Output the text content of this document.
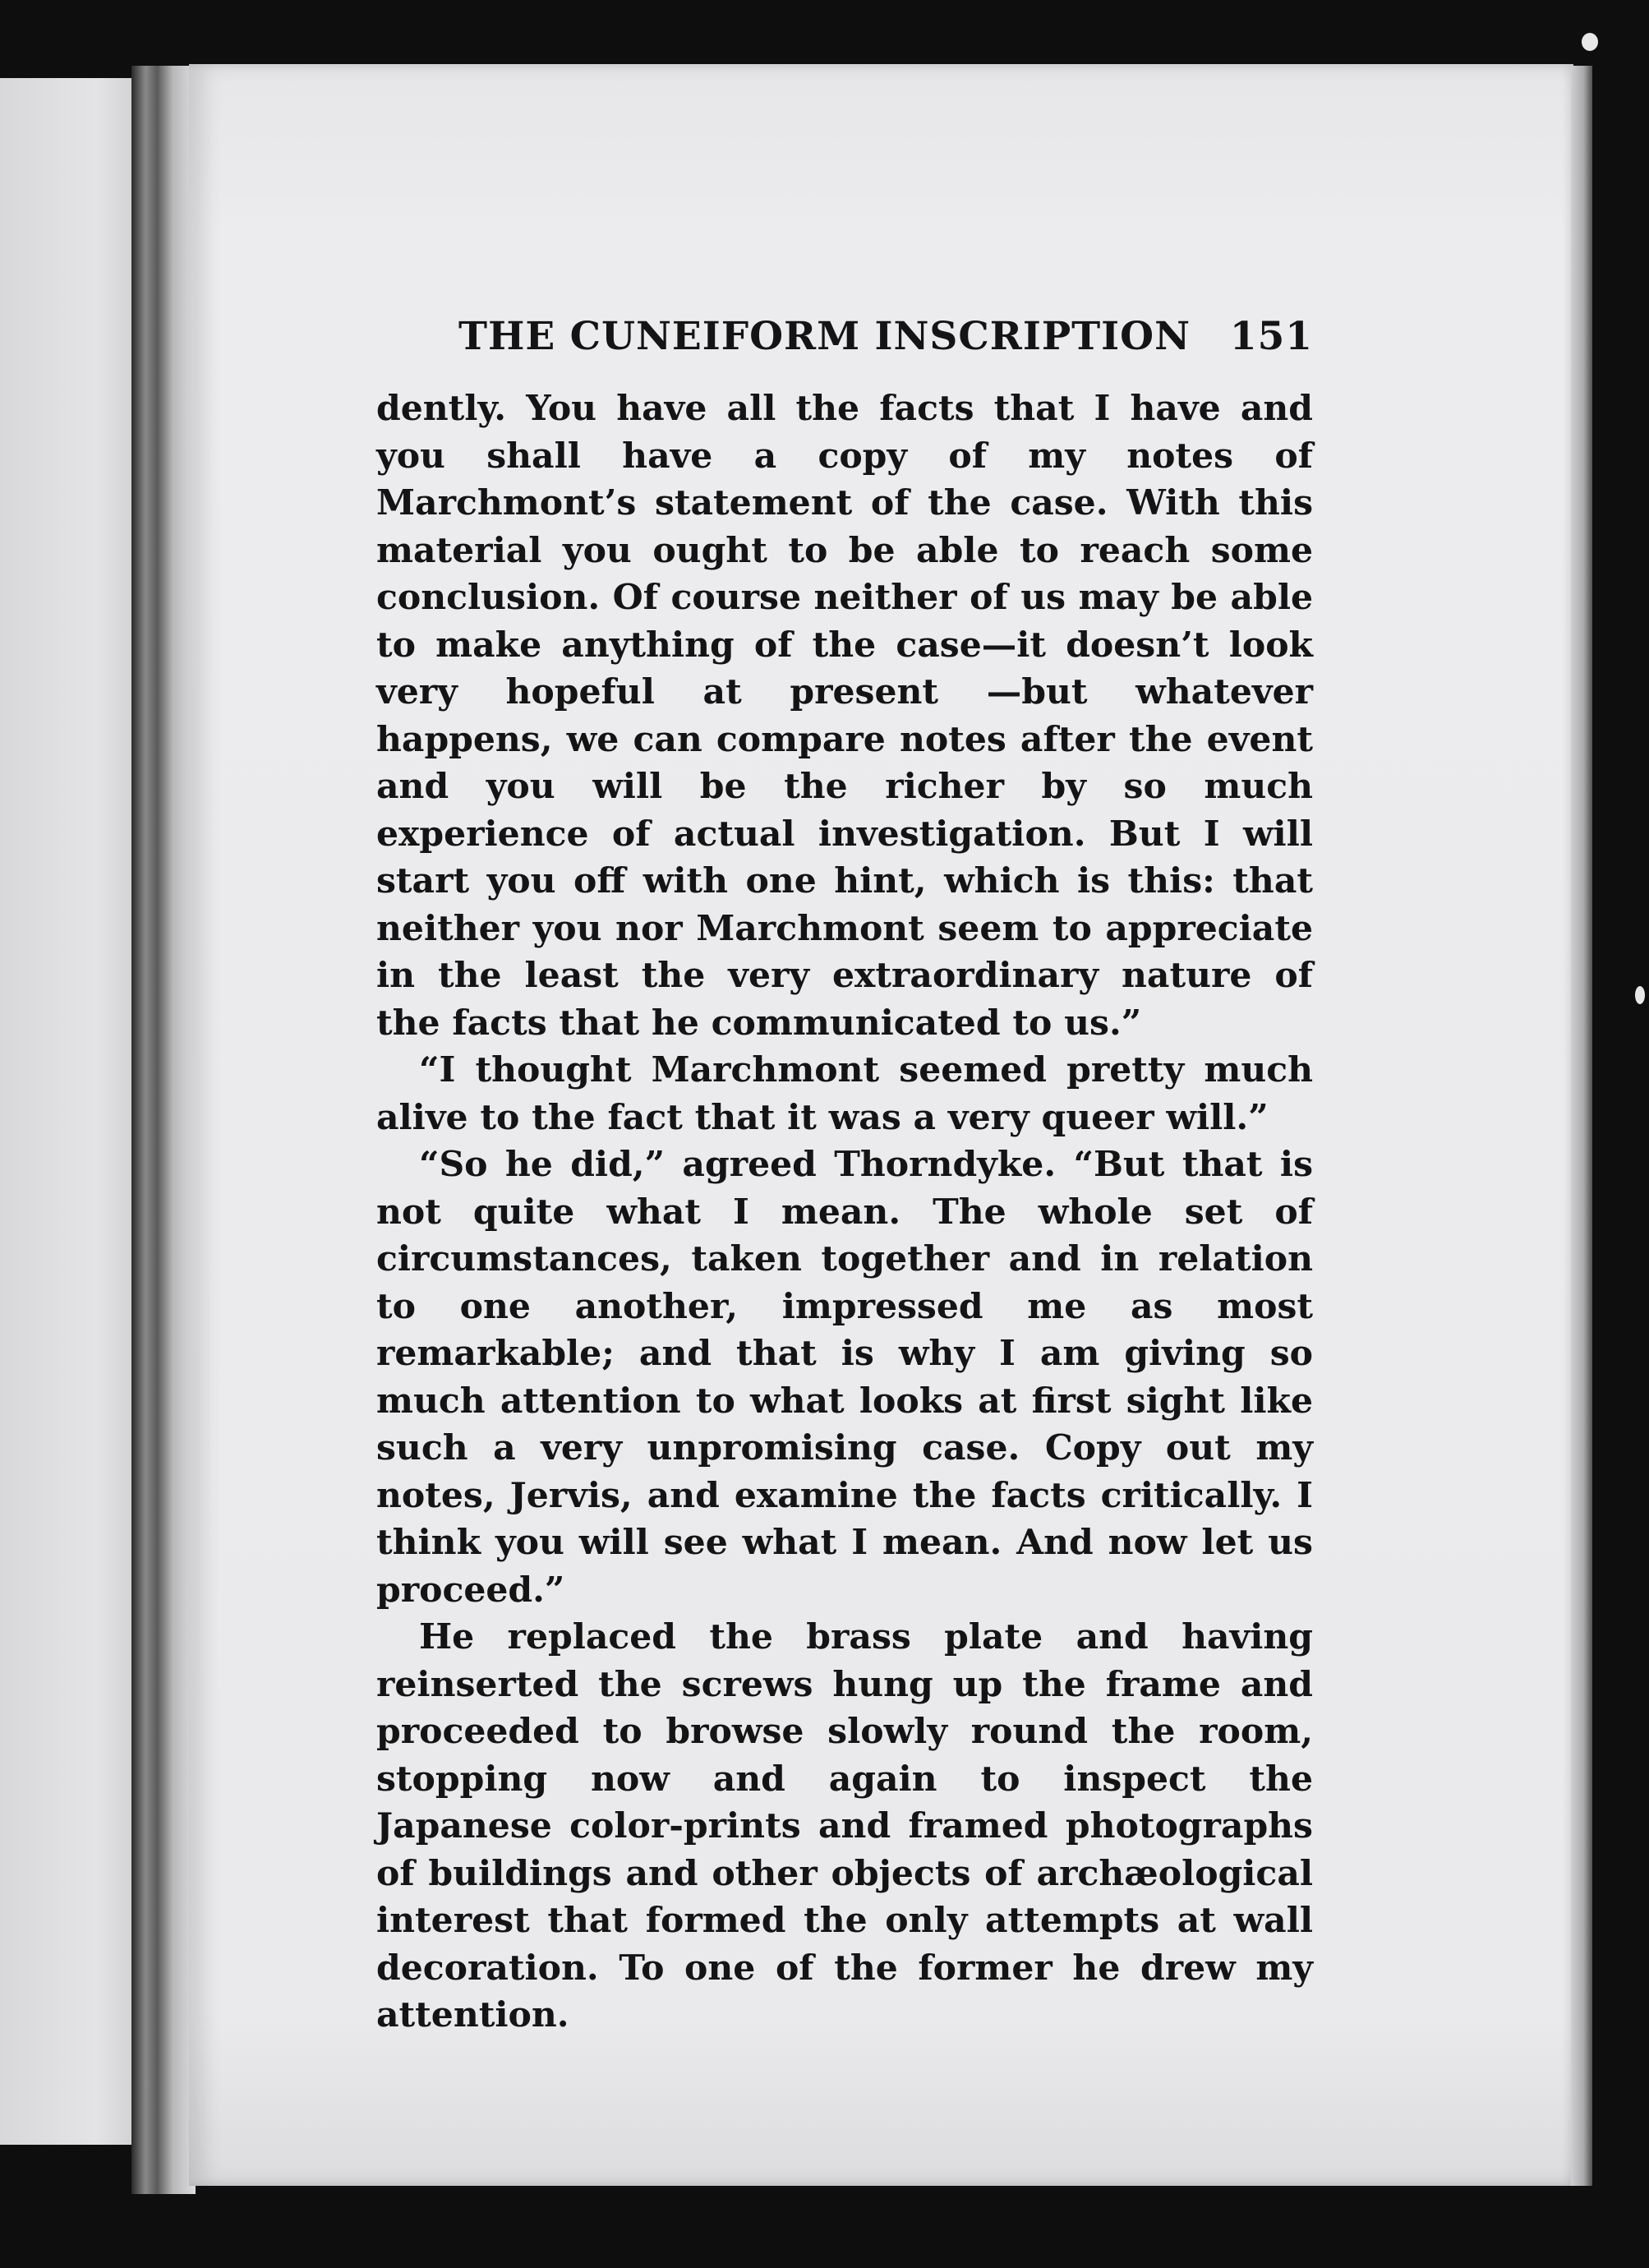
THE CUNEIFORM INSCRIPTION	151

dently. You have all the facts that I have and you shall have a copy of my notes of Marchmont’s statement of the case. With this material you ought to be able to reach some conclusion. Of course neither of us may be able to make anything of the case—it doesn’t look very hopeful at present —but whatever happens, we can compare notes after the event and you will be the richer by so much experience of actual investigation. But I will start you off with one hint, which is this: that neither you nor Marchmont seem to appreciate in the least the very extraordinary nature of the facts that he communicated to us.”

“I thought Marchmont seemed pretty much alive to the fact that it was a very queer will.”

“So he did,” agreed Thorndyke. “But that is not quite what I mean. The whole set of circumstances, taken together and in relation to one another, impressed me as most remarkable; and that is why I am giving so much attention to what looks at first sight like such a very unpromising case. Copy out my notes, Jervis, and examine the facts critically. I think you will see what I mean. And now let us proceed.”

He replaced the brass plate and having reinserted the screws hung up the frame and proceeded to browse slowly round the room, stopping now and again to inspect the Japanese color-prints and framed photographs of buildings and other objects of archæological interest that formed the only attempts at wall decoration. To one of the former he drew my attention.
